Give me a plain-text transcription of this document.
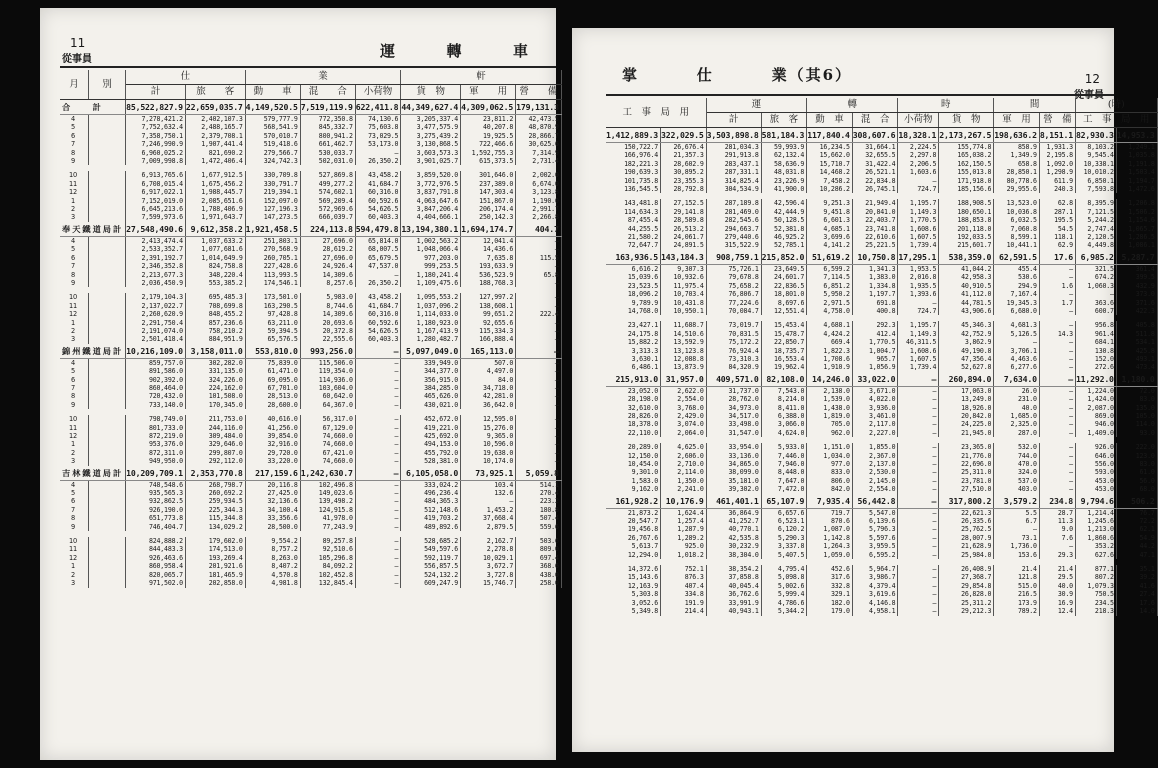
11
從事員	運	轉	車
月	別	仕		業			軒		
		計	旅　　客	動　　車	混　　合	小荷物	貨　物	軍　　用	營　　備
合　　計		85,522,827.9	22,659,035.7	4,149,520.5	7,519,119.9	622,411.8	44,349,627.4	4,309,062.5	179,131.3
4		7,278,421.2	2,402,107.3	579,777.9	772,350.8	74,130.6	3,205,337.4	23,811.2	42,473.5
5		7,752,632.4	2,488,165.7	568,541.9	845,332.7	75,603.8	3,477,575.9	40,207.8	48,870.9
6		7,358,750.1	2,379,708.1	570,010.7	800,941.2	73,029.5	3,275,439.2	19,925.5	28,866.7
7		7,246,990.9	1,907,441.4	519,418.6	661,462.7	53,173.0	3,130,868.5	722,466.6	30,625.6
8		6,960,025.2	821,690.2	279,566.7	530,033.7	—	3,603,573.3	1,592,755.3	7,314.9
9		7,009,998.8	1,472,406.4	324,742.3	502,031.0	26,350.2	3,901,025.7	615,373.5	2,731.4

10		6,913,765.6	1,677,912.5	330,709.8	527,869.8	43,458.2	3,859,520.0	301,646.0	2,002.0
11		6,708,015.4	1,675,456.2	330,791.7	499,277.2	41,684.7	3,772,976.5	237,389.0	6,674.0
12		6,917,022.1	1,988,445.7	219,394.1	574,602.1	60,316.0	3,837,791.8	147,303.4	3,123.8
1		7,152,019.0	2,085,651.6	152,097.0	569,209.4	60,592.6	4,063,647.6	151,867.0	1,190.0
2		6,645,213.6	1,788,406.9	127,196.3	572,969.6	54,626.5	3,847,206.4	206,174.4	2,991.7
3		7,599,973.6	1,971,643.7	147,273.5	666,039.7	60,403.3	4,404,666.1	250,142.3	2,266.8
奉天鐵道局計		27,548,490.6	9,612,358.2	1,921,458.5	224,113.8	594,479.8	13,194,380.1	1,694,174.7	404.7
4		2,413,474.4	1,037,633.2	251,803.1	27,696.0	65,814.0	1,002,563.2	12,041.4	—
5		2,533,352.7	1,077,681.6	270,568.9	28,619.2	68,007.5	1,048,066.4	14,436.6	—
6		2,391,192.7	1,014,649.9	260,705.1	27,696.0	65,679.5	977,203.0	7,635.8	115.5
7		2,346,352.8	824,758.8	227,428.6	24,926.4	47,537.0	999,253.5	193,633.9	—
8		2,213,677.3	348,220.4	113,993.5	14,309.6	—	1,180,241.4	536,523.9	65.8
9		2,036,450.9	553,385.2	174,546.1	8,257.6	26,350.2	1,109,475.6	188,768.3	—

10		2,179,104.3	695,485.3	173,501.0	5,983.0	43,458.2	1,095,553.2	127,997.2	—
11		2,137,022.7	708,699.8	163,290.5	8,744.6	41,684.7	1,037,096.2	138,608.1	—
12		2,260,620.9	848,455.2	97,428.8	14,309.6	60,316.0	1,114,033.0	99,651.2	222.4
1		2,291,750.4	857,236.6	63,211.0	20,693.6	60,592.6	1,180,923.0	92,655.6	—
2		2,191,074.0	758,210.2	59,394.5	20,372.8	54,626.5	1,167,413.9	115,334.3	—
3		2,501,418.4	884,951.9	65,576.5	22,555.6	60,403.3	1,280,482.7	166,888.4	—
錦州鐵道局計		10,216,109.0	3,158,011.0	553,810.0	993,256.0	—	5,097,049.0	165,113.0	—
4		859,757.0	302,282.0	75,839.0	115,506.0	—	339,949.0	507.0	—
5		891,586.0	331,135.0	61,471.0	119,354.0	—	344,377.0	4,497.0	—
6		902,392.0	324,226.0	69,095.0	114,936.0	—	356,915.0	84.0	—
7		860,464.0	224,162.0	67,701.0	103,604.0	—	384,285.0	34,718.0	—
8		720,432.0	101,508.0	28,513.0	60,642.0	—	465,626.0	42,281.0	—
9		733,140.0	170,345.0	28,600.0	64,367.0	—	430,021.0	36,642.0	—

10		798,749.0	211,753.0	40,616.0	56,317.0	—	452,672.0	12,595.0	—
11		801,733.0	244,116.0	41,256.0	67,129.0	—	419,221.0	15,276.0	—
12		872,219.0	309,484.0	39,854.0	74,660.0	—	425,692.0	9,365.0	—
1		953,376.0	329,646.0	32,916.0	74,660.0	—	494,153.0	10,596.0	—
2		872,311.0	299,807.0	29,720.0	67,421.0	—	455,792.0	19,638.0	—
3		949,950.0	292,112.0	33,220.0	74,660.0	—	528,381.0	10,174.0	—
吉林鐵道局計		10,209,709.1	2,353,770.8	217,159.6	1,242,630.7	—	6,105,058.0	73,925.1	5,059.8
4		748,548.6	268,798.7	20,116.8	102,496.8	—	333,024.2	103.4	514.1
5		935,565.3	260,692.2	27,425.0	149,023.6	—	496,236.4	132.6	270.4
6		932,862.5	259,934.5	32,136.6	139,498.2	—	484,365.3	—	223.2
7		926,190.0	225,344.3	34,100.4	124,915.8	—	512,148.6	1,453.2	180.8
8		651,773.8	115,344.8	33,356.6	41,978.0	—	419,703.2	37,668.4	507.4
9		746,404.7	134,029.2	28,500.0	77,243.9	—	489,892.6	2,879.5	559.6

10		824,888.2	179,602.0	9,554.2	89,257.8	—	528,685.2	2,162.7	503.6
11		844,483.3	174,513.0	8,757.2	92,510.6	—	549,597.6	2,278.8	809.0
12		926,463.6	193,269.4	8,263.0	105,296.8	—	592,119.7	10,029.1	697.4
1		860,958.4	201,921.6	8,407.2	84,092.2	—	556,857.5	3,672.7	368.6
2		820,065.7	181,465.9	4,570.8	102,452.8	—	524,132.2	3,727.8	438.0
3		971,502.0	202,858.0	4,981.8	132,845.4	—	609,247.9	15,746.7	258.0
12
掌	仕	業（其6）
工　事　局　用		運		轉		時		間		(時)	
		計	旅　客	動　車	混　合	小荷物	貨　物	軍　用	營　備	工　事　局　用	
1,412,889.3	322,029.5	3,503,898.8	581,184.3	117,840.4	308,607.6	18,328.1	2,173,267.5	198,636.2	8,151.1	82,930.3	14,953.3
150,722.7	26,676.4	281,034.3	59,993.9	16,234.5	31,664.1	2,224.5	155,774.8	858.9	1,931.3	8,103.2	1,249.1
166,976.4	21,357.3	291,913.8	62,132.4	15,662.0	32,655.5	2,297.8	165,038.2	1,349.9	2,195.8	9,545.4	1,035.8
182,221.3	28,602.9	283,437.1	58,636.9	15,710.7	31,422.4	2,206.5	162,150.5	658.8	1,092.0	10,338.1	1,191.8
190,639.3	30,895.2	287,331.1	48,031.8	14,468.2	26,521.1	1,603.6	155,013.8	28,850.1	1,298.9	10,010.2	1,503.4
101,735.8	23,355.3	314,825.4	23,226.9	7,458.2	22,834.8	—	171,918.0	80,778.6	611.9	6,850.1	1,194.7
136,545.5	28,792.8	304,534.9	41,900.0	10,286.2	26,745.1	724.7	185,156.6	29,955.6	240.3	7,593.8	1,472.6

143,481.8	27,152.5	287,189.8	42,596.4	9,251.3	21,949.4	1,195.7	188,908.5	13,523.0	62.8	8,395.9	1,206.8
114,634.3	29,141.8	281,469.0	42,444.9	9,451.8	20,841.0	1,149.3	180,650.1	10,036.8	287.1	7,121.5	1,506.2
87,455.4	28,589.8	282,545.6	50,128.5	6,601.3	22,403.7	1,770.5	188,853.8	6,032.5	195.5	5,244.2	1,154.6
44,255.5	26,513.2	294,663.7	52,381.8	4,685.1	23,741.8	1,608.6	201,118.0	7,060.8	54.5	2,747.4	1,065.7
21,580.2	24,061.7	279,440.6	46,925.2	3,699.6	22,610.6	1,607.5	192,033.5	8,599.1	118.1	2,120.5	1,286.5
72,647.7	24,891.5	315,522.9	52,785.1	4,141.2	25,221.5	1,739.4	215,601.7	10,441.1	62.9	4,449.8	1,086.1
163,936.5	143,184.3	908,759.1	215,852.0	51,619.2	10,750.8	17,295.1	538,359.0	62,591.5	17.6	6,985.2	5,287.7
6,616.2	9,307.3	75,726.1	23,649.5	6,599.2	1,341.3	1,953.5	41,044.2	455.4	—	321.5	361.4
15,039.6	10,932.6	79,678.8	24,601.7	7,114.5	1,383.0	2,016.8	42,958.3	530.6	—	674.2	399.5
23,523.5	11,975.4	75,658.2	22,836.5	6,851.2	1,334.8	1,935.5	40,910.5	294.9	1.6	1,060.3	432.9
18,096.2	10,703.4	76,806.7	18,801.0	5,950.2	1,197.7	1,393.6	41,112.0	7,167.4	—	—	373.0
9,789.9	10,431.8	77,224.6	8,697.6	2,971.5	691.8	—	44,781.5	19,345.3	1.7	363.6	371.6
14,768.0	10,950.1	70,084.7	12,551.4	4,758.0	400.8	724.7	43,906.6	6,680.0	—	600.7	422.3

23,427.1	11,688.7	73,019.7	15,453.4	4,688.1	292.3	1,195.7	45,346.3	4,681.3	—	956.8	405.8
24,175.8	14,510.6	70,831.5	15,478.7	4,424.2	412.4	1,149.3	42,752.9	5,126.5	14.3	961.4	511.8
15,882.2	13,592.9	75,172.2	22,850.7	669.4	1,770.5	46,311.5	3,862.9	—	—	684.1	534.1
3,313.3	13,123.8	76,924.4	18,735.7	1,822.3	1,004.7	1,608.6	49,190.8	3,706.1	—	130.8	425.8
3,630.1	12,088.8	73,310.3	16,553.4	1,708.6	965.7	1,607.5	47,356.4	4,463.6	—	152.0	493.1
6,486.1	13,873.9	84,320.9	19,962.4	1,910.9	1,056.9	1,739.4	52,627.8	6,277.6	—	272.6	473.4
215,913.0	31,957.0	409,571.0	82,108.0	14,246.0	33,022.0	—	260,894.0	7,634.0	—	11,292.0	1,180.0
23,052.0	2,622.0	31,737.0	7,543.0	2,138.0	3,671.0	—	17,063.0	26.0	—	1,224.0	72.0
28,198.0	2,554.0	28,762.0	8,214.0	1,539.0	4,022.0	—	13,249.0	231.0	—	1,424.0	83.0
32,610.0	3,768.0	34,973.0	8,411.0	1,438.0	3,936.0	—	18,926.0	40.0	—	2,087.0	135.0
28,826.0	2,429.0	34,517.0	6,388.0	1,819.0	3,461.0	—	20,842.0	1,685.0	—	869.0	105.0
18,378.0	3,074.0	33,498.0	3,066.0	705.0	2,117.0	—	24,225.0	2,325.0	—	946.0	114.0
22,110.0	2,064.0	31,547.0	4,624.0	962.0	2,227.0	—	21,945.0	287.0	—	1,409.0	93.0

20,289.0	4,625.0	33,954.0	5,933.0	1,151.0	1,855.0	—	23,365.0	532.0	—	926.0	222.0
12,150.0	2,606.0	33,136.0	7,446.0	1,034.0	2,367.0	—	21,776.0	744.0	—	646.0	123.0
10,454.0	2,710.0	34,865.0	7,946.0	977.0	2,137.0	—	22,696.0	470.0	—	556.0	83.0
9,301.0	2,114.0	38,099.0	8,448.0	833.0	2,530.0	—	25,311.0	324.0	—	593.0	61.0
1,583.0	1,350.0	35,181.0	7,647.0	806.0	2,145.0	—	23,781.0	537.0	—	453.0	56.0
9,162.0	2,241.0	39,302.0	7,472.0	842.0	2,554.0	—	27,510.0	403.0	—	453.0	68.0
161,928.2	10,176.9	461,401.1	65,107.9	7,935.4	56,442.8	—	317,800.2	3,579.2	234.8	9,794.6	506.2
21,873.2	1,624.4	36,864.9	6,657.6	719.7	5,547.0	—	22,621.3	5.5	28.7	1,214.4	76.7
20,547.7	1,257.4	41,252.7	6,523.1	870.6	6,139.6	—	26,335.6	6.7	11.3	1,245.6	72.2
19,456.8	1,287.9	40,770.1	6,120.2	1,087.0	5,796.3	—	25,762.5	—	9.0	1,213.0	62.1
26,767.6	1,289.2	42,535.8	5,290.3	1,142.8	5,597.6	—	28,007.9	73.1	7.6	1,860.6	54.9
5,613.7	925.0	30,232.9	3,337.8	1,264.3	3,959.5	—	21,628.9	1,736.0	—	353.2	44.2
12,294.0	1,018.2	38,304.0	5,407.5	1,059.0	6,595.2	—	25,984.0	153.6	29.3	627.6	47.1

14,372.6	752.1	38,354.2	4,795.4	452.6	5,964.7	—	26,408.9	21.4	21.4	877.1	35.1
15,143.6	876.3	37,858.8	5,098.8	317.6	3,986.7	—	27,368.7	121.8	29.5	807.2	39.2
12,163.9	407.4	40,045.4	5,002.6	332.8	4,379.4	—	29,854.8	515.0	40.0	1,079.3	41.6
5,303.8	334.8	36,762.6	5,999.4	329.1	3,619.6	—	26,828.0	216.5	30.9	750.5	27.4
3,052.6	191.9	33,991.9	4,786.6	182.0	4,146.8	—	25,311.2	173.9	16.9	234.5	17.6
5,349.8	214.4	40,943.1	5,344.2	179.0	4,958.1	—	29,212.3	789.2	12.4	218.3	14.0
